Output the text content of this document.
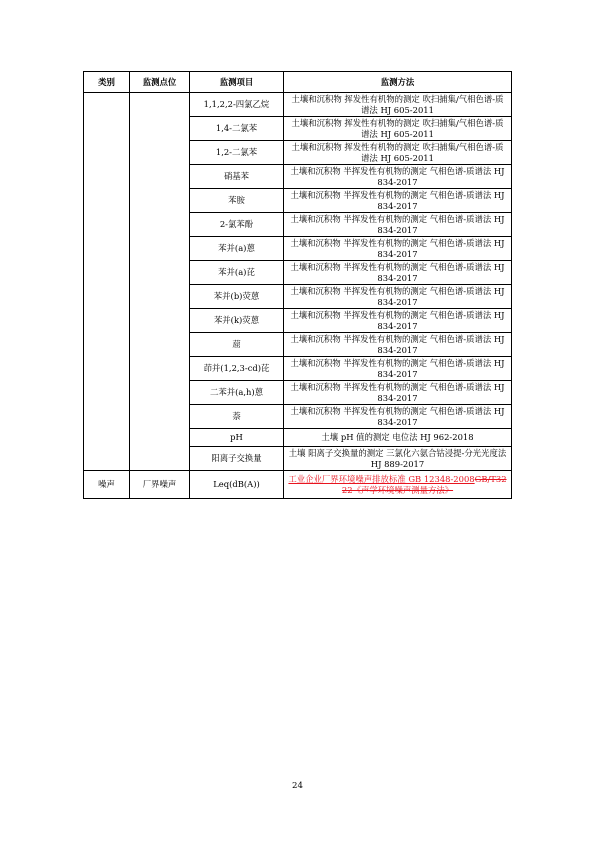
类别	监测点位	监测项目	监测方法
		1,1,2,2-四氯乙烷	土壤和沉积物 挥发性有机物的测定 吹扫捕集/气相色谱-质谱法 HJ 605-2011
		1,4-二氯苯	土壤和沉积物 挥发性有机物的测定 吹扫捕集/气相色谱-质谱法 HJ 605-2011
		1,2-二氯苯	土壤和沉积物 挥发性有机物的测定 吹扫捕集/气相色谱-质谱法 HJ 605-2011
		硝基苯	土壤和沉积物 半挥发性有机物的测定 气相色谱-质谱法 HJ 834-2017
		苯胺	土壤和沉积物 半挥发性有机物的测定 气相色谱-质谱法 HJ 834-2017
		2-氯苯酚	土壤和沉积物 半挥发性有机物的测定 气相色谱-质谱法 HJ 834-2017
		苯并(a)蒽	土壤和沉积物 半挥发性有机物的测定 气相色谱-质谱法 HJ 834-2017
		苯并(a)芘	土壤和沉积物 半挥发性有机物的测定 气相色谱-质谱法 HJ 834-2017
		苯并(b)荧蒽	土壤和沉积物 半挥发性有机物的测定 气相色谱-质谱法 HJ 834-2017
		苯并(k)荧蒽	土壤和沉积物 半挥发性有机物的测定 气相色谱-质谱法 HJ 834-2017
		䓛	土壤和沉积物 半挥发性有机物的测定 气相色谱-质谱法 HJ 834-2017
		茚并(1,2,3-cd)芘	土壤和沉积物 半挥发性有机物的测定 气相色谱-质谱法 HJ 834-2017
		二苯并(a,h)蒽	土壤和沉积物 半挥发性有机物的测定 气相色谱-质谱法 HJ 834-2017
		萘	土壤和沉积物 半挥发性有机物的测定 气相色谱-质谱法 HJ 834-2017
		pH	土壤 pH 值的测定 电位法 HJ 962-2018
		阳离子交换量	土壤 阳离子交换量的测定 三氯化六氨合钴浸提-分光光度法 HJ 889-2017
噪声	厂界噪声	Leq(dB(A))	工业企业厂界环境噪声排放标准 GB 12348-2008GB/T3222《声学环境噪声测量方法》
24
